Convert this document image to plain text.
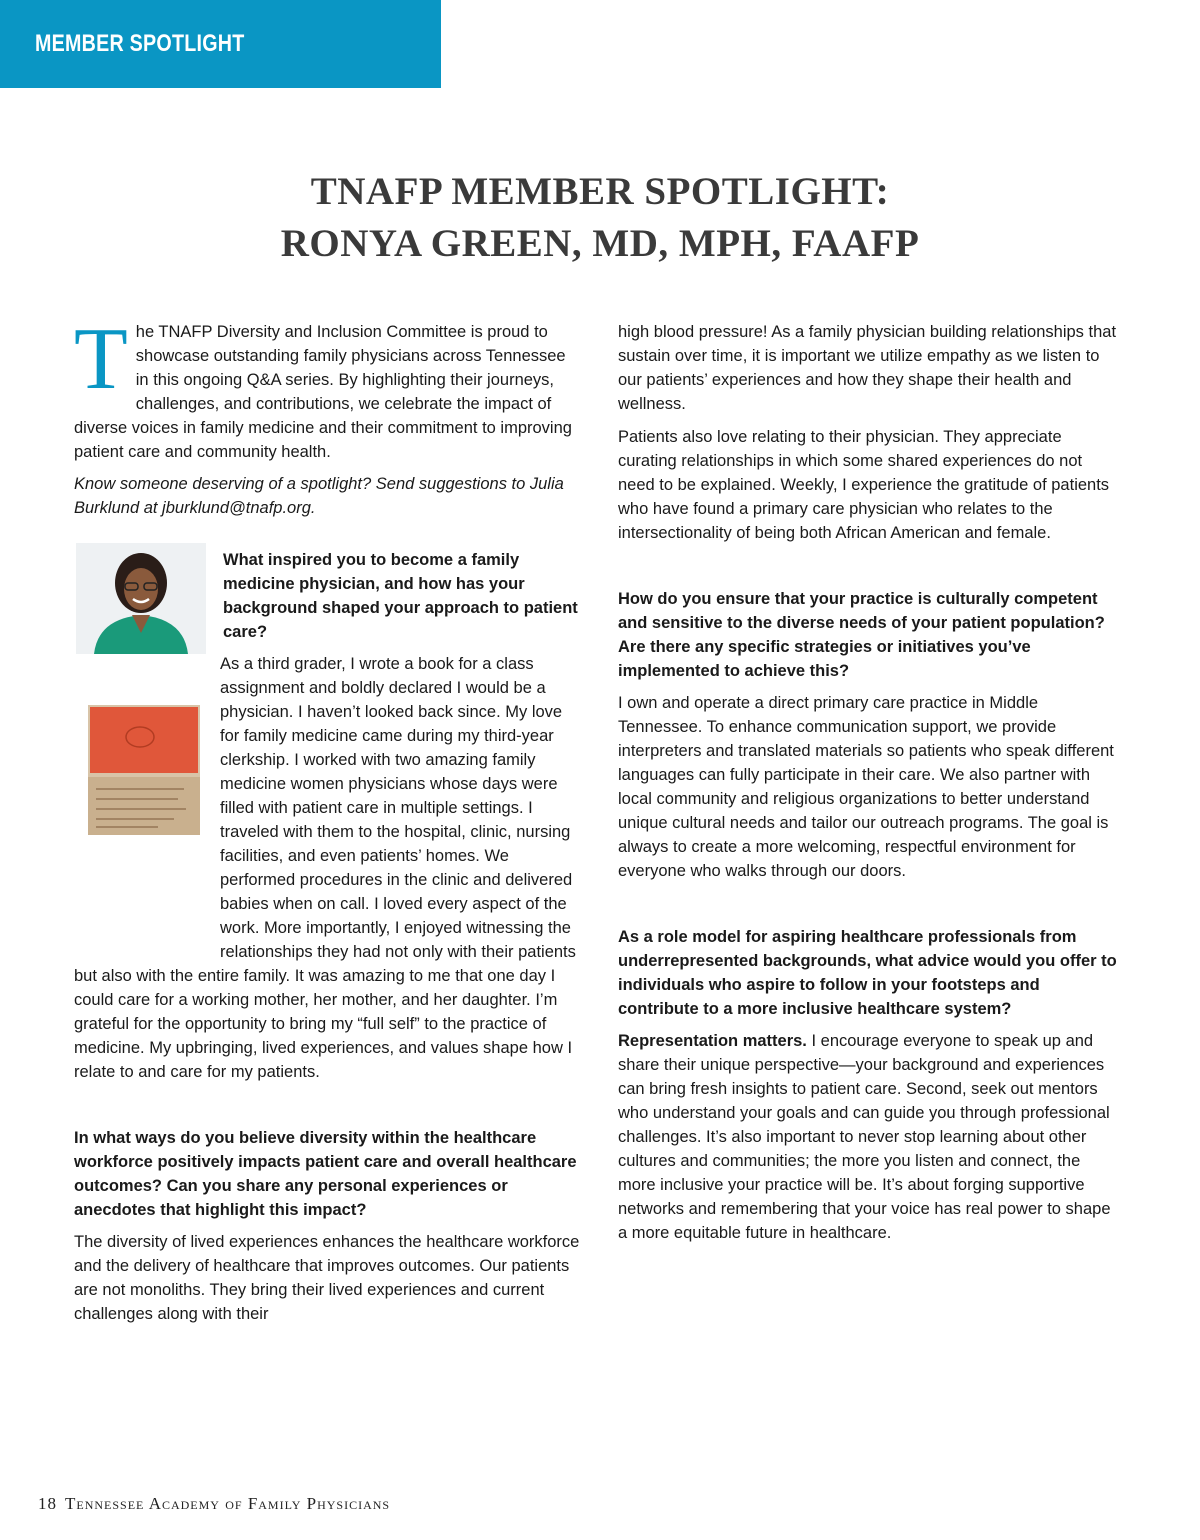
MEMBER SPOTLIGHT
TNAFP MEMBER SPOTLIGHT:
RONYA GREEN, MD, MPH, FAAFP

T he TNAFP Diversity and Inclusion Committee is proud to showcase outstanding family physicians across Tennessee in this ongoing Q&A series. By highlighting their journeys, challenges, and contributions, we celebrate the impact of diverse voices in family medicine and their commitment to improving patient care and community health.

Know someone deserving of a spotlight? Send suggestions to Julia Burklund at jburklund@tnafp.org.

What inspired you to become a family medicine physician, and how has your background shaped your approach to patient care?

As a third grader, I wrote a book for a class assignment and boldly declared I would be a physician. I haven’t looked back since. My love for family medicine came during my third-year clerkship. I worked with two amazing family medicine women physicians whose days were filled with patient care in multiple settings. I traveled with them to the hospital, clinic, nursing facilities, and even patients’ homes. We performed procedures in the clinic and delivered babies when on call. I loved every aspect of the work. More importantly, I enjoyed witnessing the relationships they had not only with their patients but also with the entire family. It was amazing to me that one day I could care for a working mother, her mother, and her daughter. I’m grateful for the opportunity to bring my “full self” to the practice of medicine. My upbringing, lived experiences, and values shape how I relate to and care for my patients.

In what ways do you believe diversity within the healthcare workforce positively impacts patient care and overall healthcare outcomes? Can you share any personal experiences or anecdotes that highlight this impact?

The diversity of lived experiences enhances the healthcare workforce and the delivery of healthcare that improves outcomes. Our patients are not monoliths. They bring their lived experiences and current challenges along with their

high blood pressure! As a family physician building relationships that sustain over time, it is important we utilize empathy as we listen to our patients’ experiences and how they shape their health and wellness.

Patients also love relating to their physician. They appreciate curating relationships in which some shared experiences do not need to be explained. Weekly, I experience the gratitude of patients who have found a primary care physician who relates to the intersectionality of being both African American and female.

How do you ensure that your practice is culturally competent and sensitive to the diverse needs of your patient population? Are there any specific strategies or initiatives you’ve implemented to achieve this?

I own and operate a direct primary care practice in Middle Tennessee. To enhance communication support, we provide interpreters and translated materials so patients who speak different languages can fully participate in their care. We also partner with local community and religious organizations to better understand unique cultural needs and tailor our outreach programs. The goal is always to create a more welcoming, respectful environment for everyone who walks through our doors.

As a role model for aspiring healthcare professionals from underrepresented backgrounds, what advice would you offer to individuals who aspire to follow in your footsteps and contribute to a more inclusive healthcare system?

Representation matters. I encourage everyone to speak up and share their unique perspective—your background and experiences can bring fresh insights to patient care. Second, seek out mentors who understand your goals and can guide you through professional challenges. It’s also important to never stop learning about other cultures and communities; the more you listen and connect, the more inclusive your practice will be. It’s about forging supportive networks and remembering that your voice has real power to shape a more equitable future in healthcare.

18 Tennessee Academy of Family Physicians
